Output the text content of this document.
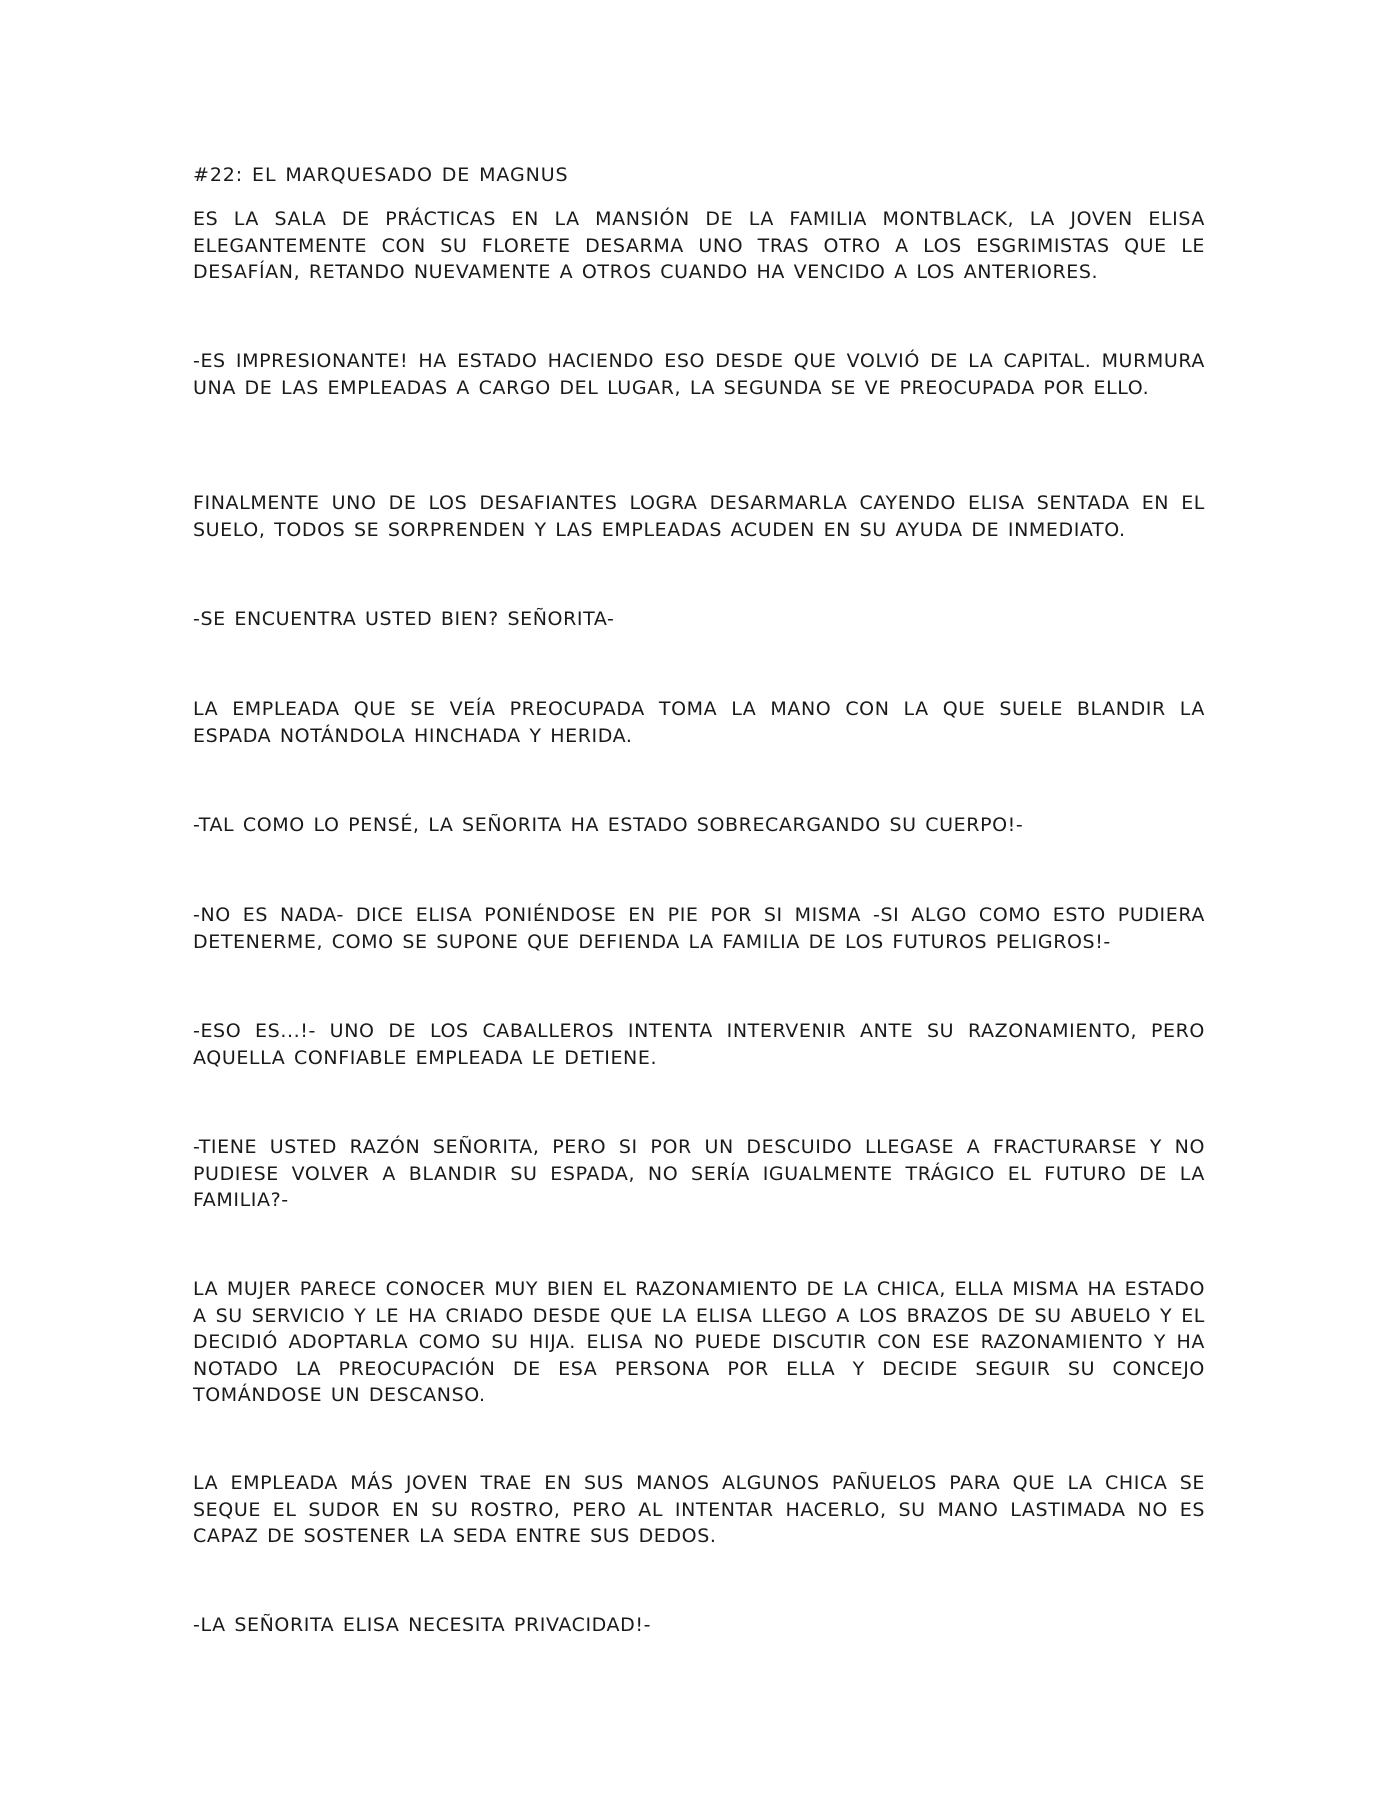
#22: EL MARQUESADO DE MAGNUS

ES LA SALA DE PRÁCTICAS EN LA MANSIÓN DE LA FAMILIA MONTBLACK, LA JOVEN ELISA ELEGANTEMENTE CON SU FLORETE DESARMA UNO TRAS OTRO A LOS ESGRIMISTAS QUE LE DESAFÍAN, RETANDO NUEVAMENTE A OTROS CUANDO HA VENCIDO A LOS ANTERIORES.

-ES IMPRESIONANTE! HA ESTADO HACIENDO ESO DESDE QUE VOLVIÓ DE LA CAPITAL. MURMURA UNA DE LAS EMPLEADAS A CARGO DEL LUGAR, LA SEGUNDA SE VE PREOCUPADA POR ELLO.

FINALMENTE UNO DE LOS DESAFIANTES LOGRA DESARMARLA CAYENDO ELISA SENTADA EN EL SUELO, TODOS SE SORPRENDEN Y LAS EMPLEADAS ACUDEN EN SU AYUDA DE INMEDIATO.

-SE ENCUENTRA USTED BIEN? SEÑORITA-

LA EMPLEADA QUE SE VEÍA PREOCUPADA TOMA LA MANO CON LA QUE SUELE BLANDIR LA ESPADA NOTÁNDOLA HINCHADA Y HERIDA.

-TAL COMO LO PENSÉ, LA SEÑORITA HA ESTADO SOBRECARGANDO SU CUERPO!-

-NO ES NADA- DICE ELISA PONIÉNDOSE EN PIE POR SI MISMA -SI ALGO COMO ESTO PUDIERA DETENERME, COMO SE SUPONE QUE DEFIENDA LA FAMILIA DE LOS FUTUROS PELIGROS!-

-ESO ES...!- UNO DE LOS CABALLEROS INTENTA INTERVENIR ANTE SU RAZONAMIENTO, PERO AQUELLA CONFIABLE EMPLEADA LE DETIENE.

-TIENE USTED RAZÓN SEÑORITA, PERO SI POR UN DESCUIDO LLEGASE A FRACTURARSE Y NO PUDIESE VOLVER A BLANDIR SU ESPADA, NO SERÍA IGUALMENTE TRÁGICO EL FUTURO DE LA FAMILIA?-

LA MUJER PARECE CONOCER MUY BIEN EL RAZONAMIENTO DE LA CHICA, ELLA MISMA HA ESTADO A SU SERVICIO Y LE HA CRIADO DESDE QUE LA ELISA LLEGO A LOS BRAZOS DE SU ABUELO Y EL DECIDIÓ ADOPTARLA COMO SU HIJA. ELISA NO PUEDE DISCUTIR CON ESE RAZONAMIENTO Y HA NOTADO LA PREOCUPACIÓN DE ESA PERSONA POR ELLA Y DECIDE SEGUIR SU CONCEJO TOMÁNDOSE UN DESCANSO.

LA EMPLEADA MÁS JOVEN TRAE EN SUS MANOS ALGUNOS PAÑUELOS PARA QUE LA CHICA SE SEQUE EL SUDOR EN SU ROSTRO, PERO AL INTENTAR HACERLO, SU MANO LASTIMADA NO ES CAPAZ DE SOSTENER LA SEDA ENTRE SUS DEDOS.

-LA SEÑORITA ELISA NECESITA PRIVACIDAD!-
